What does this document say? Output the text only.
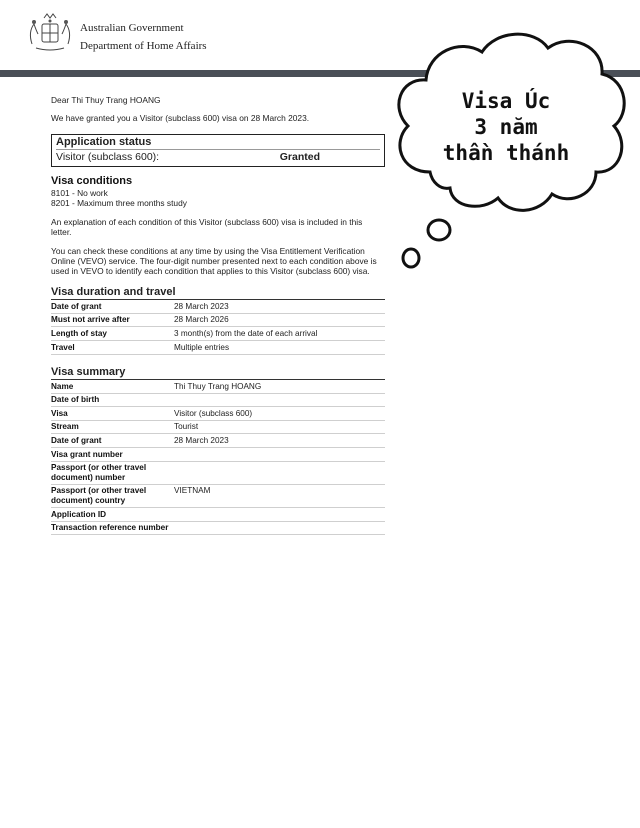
Australian Government
Department of Home Affairs

Dear Thi Thuy Trang HOANG

We have granted you a Visitor (subclass 600) visa on 28 March 2023.

Application status
Visitor (subclass 600):	Granted
Visa conditions
8101 - No work
8201 - Maximum three months study

An explanation of each condition of this Visitor (subclass 600) visa is included in this letter.

You can check these conditions at any time by using the Visa Entitlement Verification Online (VEVO) service. The four-digit number presented next to each condition above is used in VEVO to identify each condition that applies to this Visitor (subclass 600) visa.

Visa duration and travel
Date of grant	28 March 2023
Must not arrive after	28 March 2026
Length of stay	3 month(s) from the date of each arrival
Travel	Multiple entries
Visa summary
Name	Thi Thuy Trang HOANG
Date of birth	
Visa	Visitor (subclass 600)
Stream	Tourist
Date of grant	28 March 2023
Visa grant number	
Passport (or other travel document) number	
Passport (or other travel document) country	VIETNAM
Application ID	
Transaction reference number	
Visa Úc
3 năm
thần thánh
